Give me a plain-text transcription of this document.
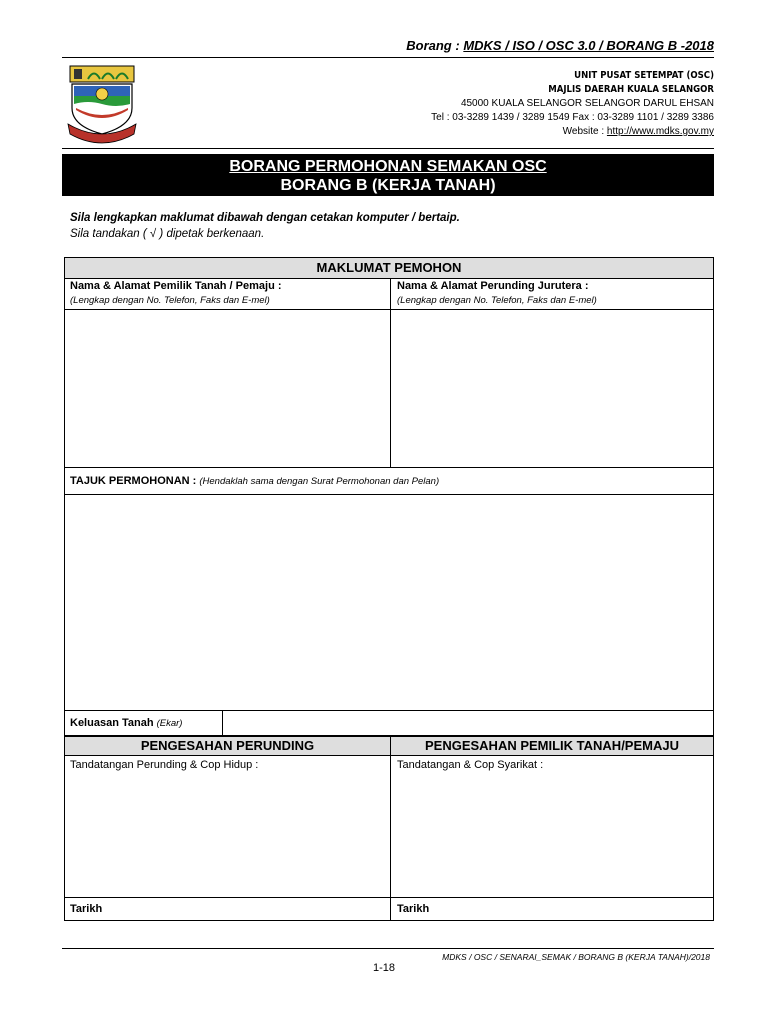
Borang : MDKS / ISO / OSC 3.0 / BORANG B -2018
UNIT PUSAT SETEMPAT (OSC)
MAJLIS DAERAH KUALA SELANGOR
45000 KUALA SELANGOR SELANGOR DARUL EHSAN
Tel : 03-3289 1439 / 3289 1549 Fax : 03-3289 1101 / 3289 3386
Website : http://www.mdks.gov.my
BORANG PERMOHONAN SEMAKAN OSC
BORANG B (KERJA TANAH)
Sila lengkapkan maklumat dibawah dengan cetakan komputer / bertaip.
Sila tandakan ( √ ) dipetak berkenaan.
MAKLUMAT PEMOHON
Nama & Alamat Pemilik Tanah / Pemaju :
(Lengkap dengan No. Telefon, Faks dan E-mel)
Nama & Alamat Perunding Jurutera :
(Lengkap dengan No. Telefon, Faks dan E-mel)
TAJUK PERMOHONAN : (Hendaklah sama dengan Surat Permohonan dan Pelan)
Keluasan Tanah (Ekar)
PENGESAHAN PERUNDING	PENGESAHAN PEMILIK TANAH/PEMAJU
Tandatangan Perunding & Cop Hidup :	Tandatangan & Cop Syarikat :
Tarikh	Tarikh
MDKS / OSC / SENARAI_SEMAK / BORANG B (KERJA TANAH)/2018
1-18
